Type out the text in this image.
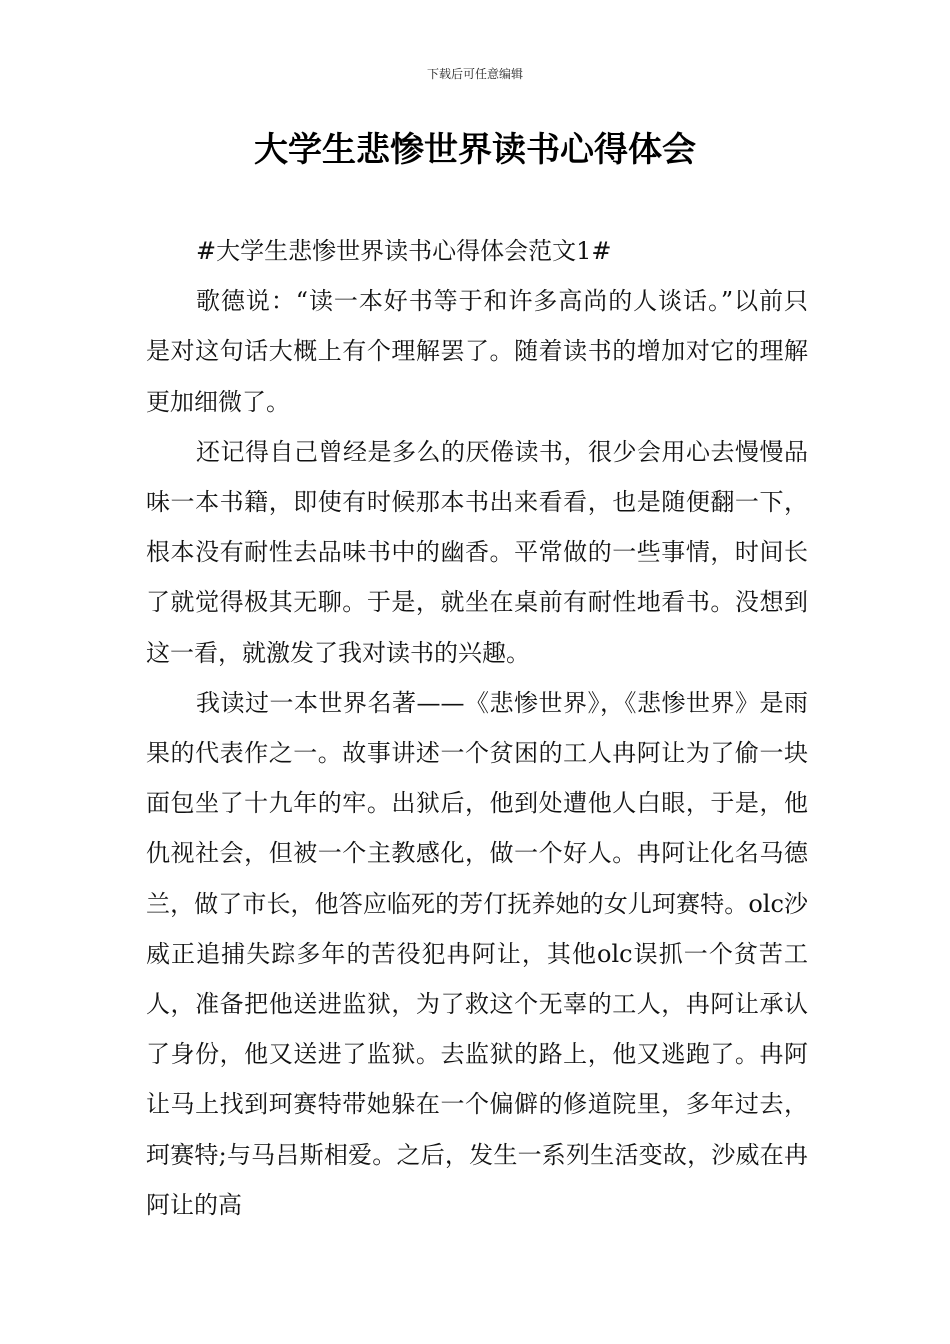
下载后可任意编辑
大学生悲惨世界读书心得体会

#大学生悲惨世界读书心得体会范文1#

歌德说：“读一本好书等于和许多高尚的人谈话。”以前只是对这句话大概上有个理解罢了。随着读书的增加对它的理解更加细微了。

还记得自己曾经是多么的厌倦读书，很少会用心去慢慢品味一本书籍，即使有时候那本书出来看看，也是随便翻一下，根本没有耐性去品味书中的幽香。平常做的一些事情，时间长了就觉得极其无聊。于是，就坐在桌前有耐性地看书。没想到这一看，就激发了我对读书的兴趣。

我读过一本世界名著——《悲惨世界》，《悲惨世界》是雨果的代表作之一。故事讲述一个贫困的工人冉阿让为了偷一块面包坐了十九年的牢。出狱后，他到处遭他人白眼，于是，他仇视社会，但被一个主教感化，做一个好人。冉阿让化名马德兰，做了市长，他答应临死的芳仃抚养她的女儿珂赛特。olc沙威正追捕失踪多年的苦役犯冉阿让，其他olc误抓一个贫苦工人，准备把他送进监狱，为了救这个无辜的工人，冉阿让承认了身份，他又送进了监狱。去监狱的路上，他又逃跑了。冉阿让马上找到珂赛特带她躲在一个偏僻的修道院里，多年过去，珂赛特;与马吕斯相爱。之后，发生一系列生活变故，沙威在冉阿让的高
